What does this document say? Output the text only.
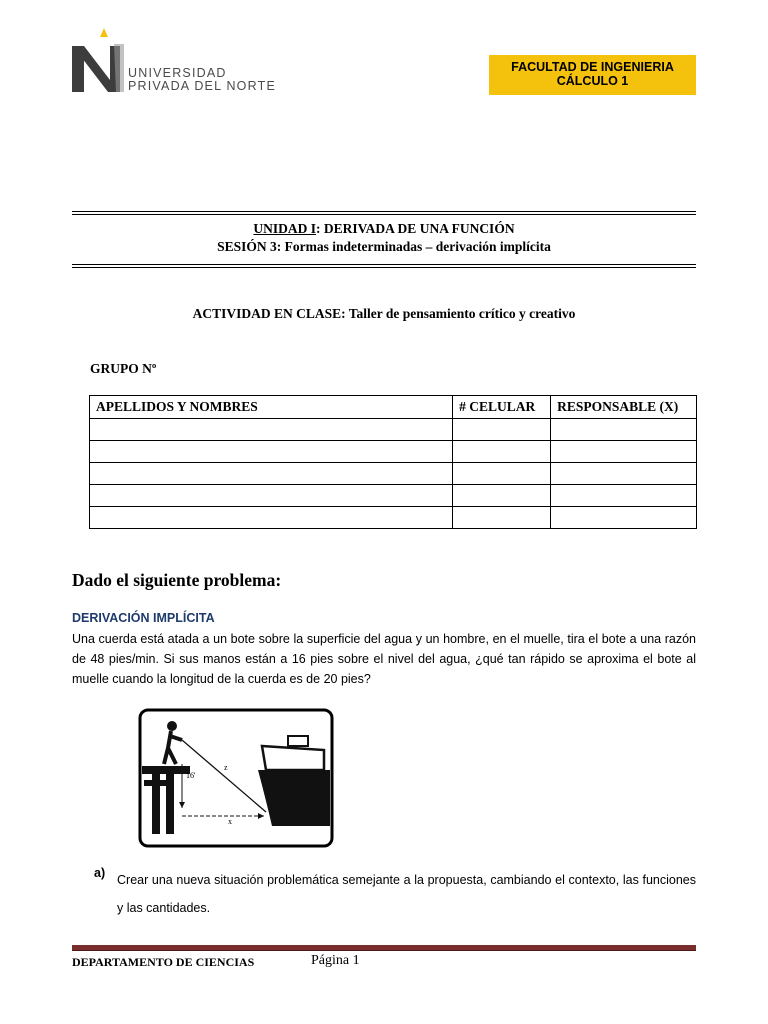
UNIVERSIDAD
PRIVADA DEL NORTE
FACULTAD DE INGENIERIA
CÁLCULO 1
UNIDAD I: DERIVADA DE UNA FUNCIÓN
SESIÓN 3: Formas indeterminadas – derivación implícita
ACTIVIDAD EN CLASE: Taller de pensamiento crítico y creativo
GRUPO Nº
APELLIDOS Y NOMBRES	# CELULAR	RESPONSABLE (X)

Dado el siguiente problema:
DERIVACIÓN IMPLÍCITA
Una cuerda está atada a un bote sobre la superficie del agua y un hombre, en el muelle, tira el bote a una razón de 48 pies/min. Si sus manos están a 16 pies sobre el nivel del agua, ¿qué tan rápido se aproxima el bote al muelle cuando la longitud de la cuerda es de 20 pies?
z
16'
x
a) Crear una nueva situación problemática semejante a la propuesta, cambiando el contexto, las funciones y las cantidades.
DEPARTAMENTO DE CIENCIAS	Página 1
